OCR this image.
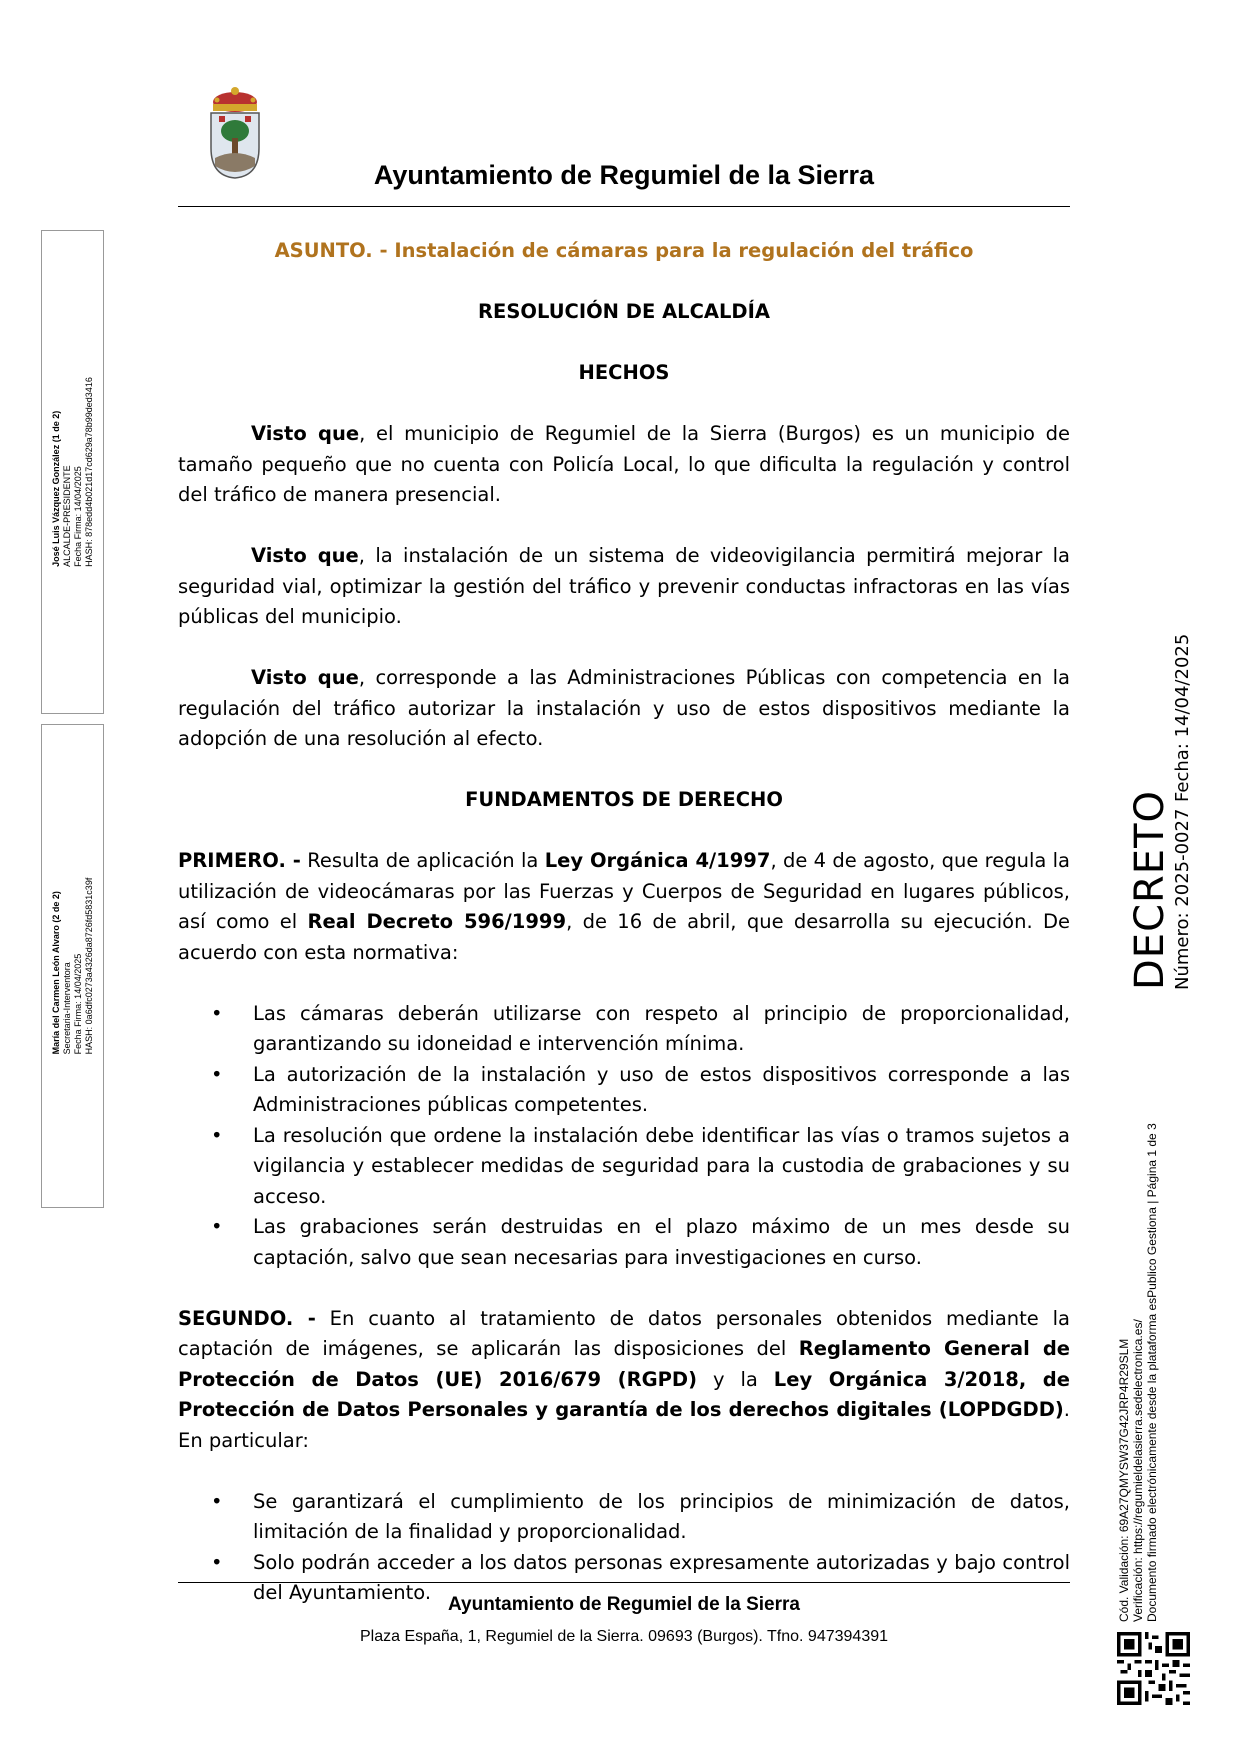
Ayuntamiento de Regumiel de la Sierra
ASUNTO. - Instalación de cámaras para la regulación del tráfico
RESOLUCIÓN DE ALCALDÍA
HECHOS
Visto que, el municipio de Regumiel de la Sierra (Burgos) es un municipio de tamaño pequeño que no cuenta con Policía Local, lo que dificulta la regulación y control del tráfico de manera presencial.
Visto que, la instalación de un sistema de videovigilancia permitirá mejorar la seguridad vial, optimizar la gestión del tráfico y prevenir conductas infractoras en las vías públicas del municipio.
Visto que, corresponde a las Administraciones Públicas con competencia en la regulación del tráfico autorizar la instalación y uso de estos dispositivos mediante la adopción de una resolución al efecto.
FUNDAMENTOS DE DERECHO
PRIMERO. - Resulta de aplicación la Ley Orgánica 4/1997, de 4 de agosto, que regula la utilización de videocámaras por las Fuerzas y Cuerpos de Seguridad en lugares públicos, así como el Real Decreto 596/1999, de 16 de abril, que desarrolla su ejecución. De acuerdo con esta normativa:
• Las cámaras deberán utilizarse con respeto al principio de proporcionalidad, garantizando su idoneidad e intervención mínima.
• La autorización de la instalación y uso de estos dispositivos corresponde a las Administraciones públicas competentes.
• La resolución que ordene la instalación debe identificar las vías o tramos sujetos a vigilancia y establecer medidas de seguridad para la custodia de grabaciones y su acceso.
• Las grabaciones serán destruidas en el plazo máximo de un mes desde su captación, salvo que sean necesarias para investigaciones en curso.
SEGUNDO. - En cuanto al tratamiento de datos personales obtenidos mediante la captación de imágenes, se aplicarán las disposiciones del Reglamento General de Protección de Datos (UE) 2016/679 (RGPD) y la Ley Orgánica 3/2018, de Protección de Datos Personales y garantía de los derechos digitales (LOPDGDD). En particular:
• Se garantizará el cumplimiento de los principios de minimización de datos, limitación de la finalidad y proporcionalidad.
• Solo podrán acceder a los datos personas expresamente autorizadas y bajo control del Ayuntamiento.
Ayuntamiento de Regumiel de la Sierra
Plaza España, 1, Regumiel de la Sierra. 09693 (Burgos). Tfno. 947394391
José Luis Vázquez González (1 de 2) ALCALDE-PRESIDENTE Fecha Firma: 14/04/2025 HASH: 878edd4b021d17cd629a78b99ded3416
María del Carmen León Alvaro (2 de 2) Secretaria-Interventora Fecha Firma: 14/04/2025 HASH: 0a6dfc0273a4326da8726fd5831c39f	DECRETO Número: 2025-0027
Fecha: 14/04/2025
Cód. Validación: 69A27QMYSW37G42JRP4R29SLM Verificación: https://regumieldelasierra.sedelectronica.es/ Documento firmado electrónicamente desde la plataforma esPublico Gestiona | Página 1 de 3
